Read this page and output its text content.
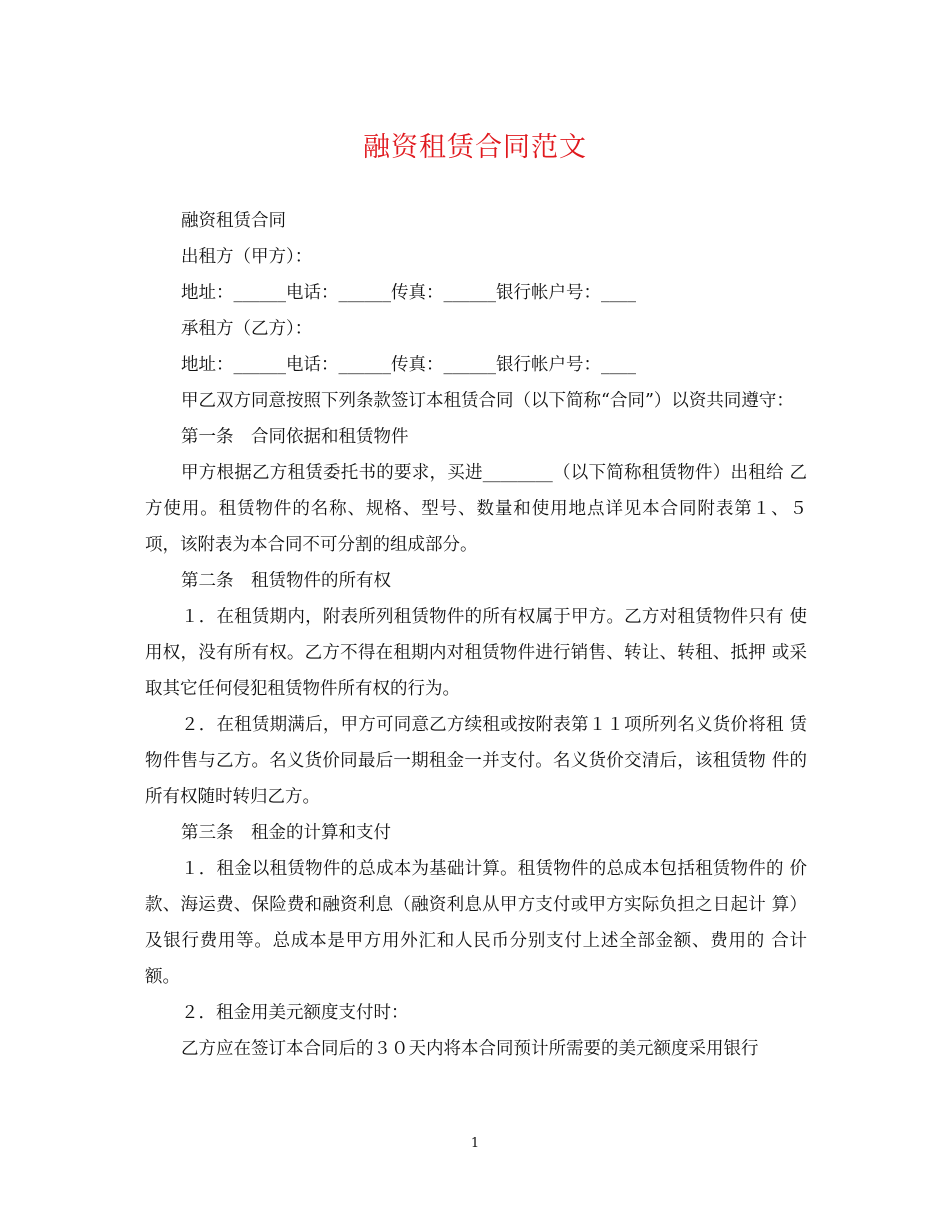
融资租赁合同范文

融资租赁合同

出租方（甲方）：

地址：______电话：______传真：______银行帐户号：____

承租方（乙方）：

地址：______电话：______传真：______银行帐户号：____

甲乙双方同意按照下列条款签订本租赁合同（以下简称“合同”）以资共同遵守：

第一条　合同依据和租赁物件

甲方根据乙方租赁委托书的要求，买进________（以下简称租赁物件）出租给 乙方使用。租赁物件的名称、规格、型号、数量和使用地点详见本合同附表第１、５项，该附表为本合同不可分割的组成部分。

第二条　租赁物件的所有权

１．在租赁期内，附表所列租赁物件的所有权属于甲方。乙方对租赁物件只有 使用权，没有所有权。乙方不得在租期内对租赁物件进行销售、转让、转租、抵押 或采取其它任何侵犯租赁物件所有权的行为。

２．在租赁期满后，甲方可同意乙方续租或按附表第１１项所列名义货价将租 赁物件售与乙方。名义货价同最后一期租金一并支付。名义货价交清后，该租赁物 件的所有权随时转归乙方。

第三条　租金的计算和支付

１．租金以租赁物件的总成本为基础计算。租赁物件的总成本包括租赁物件的 价款、海运费、保险费和融资利息（融资利息从甲方支付或甲方实际负担之日起计 算）及银行费用等。总成本是甲方用外汇和人民币分别支付上述全部金额、费用的 合计额。

２．租金用美元额度支付时：

乙方应在签订本合同后的３０天内将本合同预计所需要的美元额度采用银行

1
